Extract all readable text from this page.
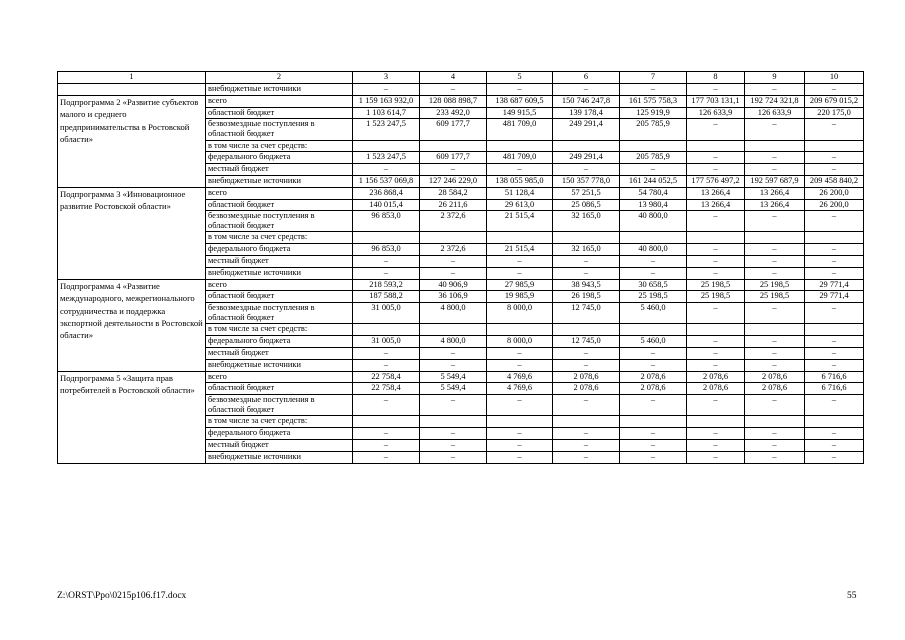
1	2	3	4	5	6	7	8	9	10
	внебюджетные источники	–	–	–	–	–	–	–	–
Подпрограмма 2 «Развитие субъектов малого и среднего предпринимательства в Ростовской области»	всего	1 159 163 932,0	128 088 898,7	138 687 609,5	150 746 247,8	161 575 758,3	177 703 131,1	192 724 321,8	209 679 015,2
	областной бюджет	1 103 614,7	233 492,0	149 915,5	139 178,4	125 919,9	126 633,9	126 633,9	220 175,0
	безвозмездные поступления в областной бюджет	1 523 247,5	609 177,7	481 709,0	249 291,4	205 785,9	–	–	–
	в том числе за счет средств:								
	федерального бюджета	1 523 247,5	609 177,7	481 709,0	249 291,4	205 785,9	–	–	–
	местный бюджет	–	–	–	–	–	–	–	–
	внебюджетные источники	1 156 537 069,8	127 246 229,0	138 055 985,0	150 357 778,0	161 244 052,5	177 576 497,2	192 597 687,9	209 458 840,2
Подпрограмма 3 «Инновационное развитие Ростовской области»	всего	236 868,4	28 584,2	51 128,4	57 251,5	54 780,4	13 266,4	13 266,4	26 200,0
	областной бюджет	140 015,4	26 211,6	29 613,0	25 086,5	13 980,4	13 266,4	13 266,4	26 200,0
	безвозмездные поступления в областной бюджет	96 853,0	2 372,6	21 515,4	32 165,0	40 800,0	–	–	–
	в том числе за счет средств:								
	федерального бюджета	96 853,0	2 372,6	21 515,4	32 165,0	40 800,0	–	–	–
	местный бюджет	–	–	–	–	–	–	–	–
	внебюджетные источники	–	–	–	–	–	–	–	–
Подпрограмма 4 «Развитие международного, межрегионального сотрудничества и поддержка экспортной деятельности в Ростовской области»	всего	218 593,2	40 906,9	27 985,9	38 943,5	30 658,5	25 198,5	25 198,5	29 771,4
	областной бюджет	187 588,2	36 106,9	19 985,9	26 198,5	25 198,5	25 198,5	25 198,5	29 771,4
	безвозмездные поступления в областной бюджет	31 005,0	4 800,0	8 000,0	12 745,0	5 460,0	–	–	–
	в том числе за счет средств:								
	федерального бюджета	31 005,0	4 800,0	8 000,0	12 745,0	5 460,0	–	–	–
	местный бюджет	–	–	–	–	–	–	–	–
	внебюджетные источники	–	–	–	–	–	–	–	–
Подпрограмма 5 «Защита прав потребителей в Ростовской области»	всего	22 758,4	5 549,4	4 769,6	2 078,6	2 078,6	2 078,6	2 078,6	6 716,6
	областной бюджет	22 758,4	5 549,4	4 769,6	2 078,6	2 078,6	2 078,6	2 078,6	6 716,6
	безвозмездные поступления в областной бюджет	–	–	–	–	–	–	–	–
	в том числе за счет средств:								
	федерального бюджета	–	–	–	–	–	–	–	–
	местный бюджет	–	–	–	–	–	–	–	–
	внебюджетные источники	–	–	–	–	–	–	–	–
Z:\ORST\Ppo\0215p106.f17.docx	55
